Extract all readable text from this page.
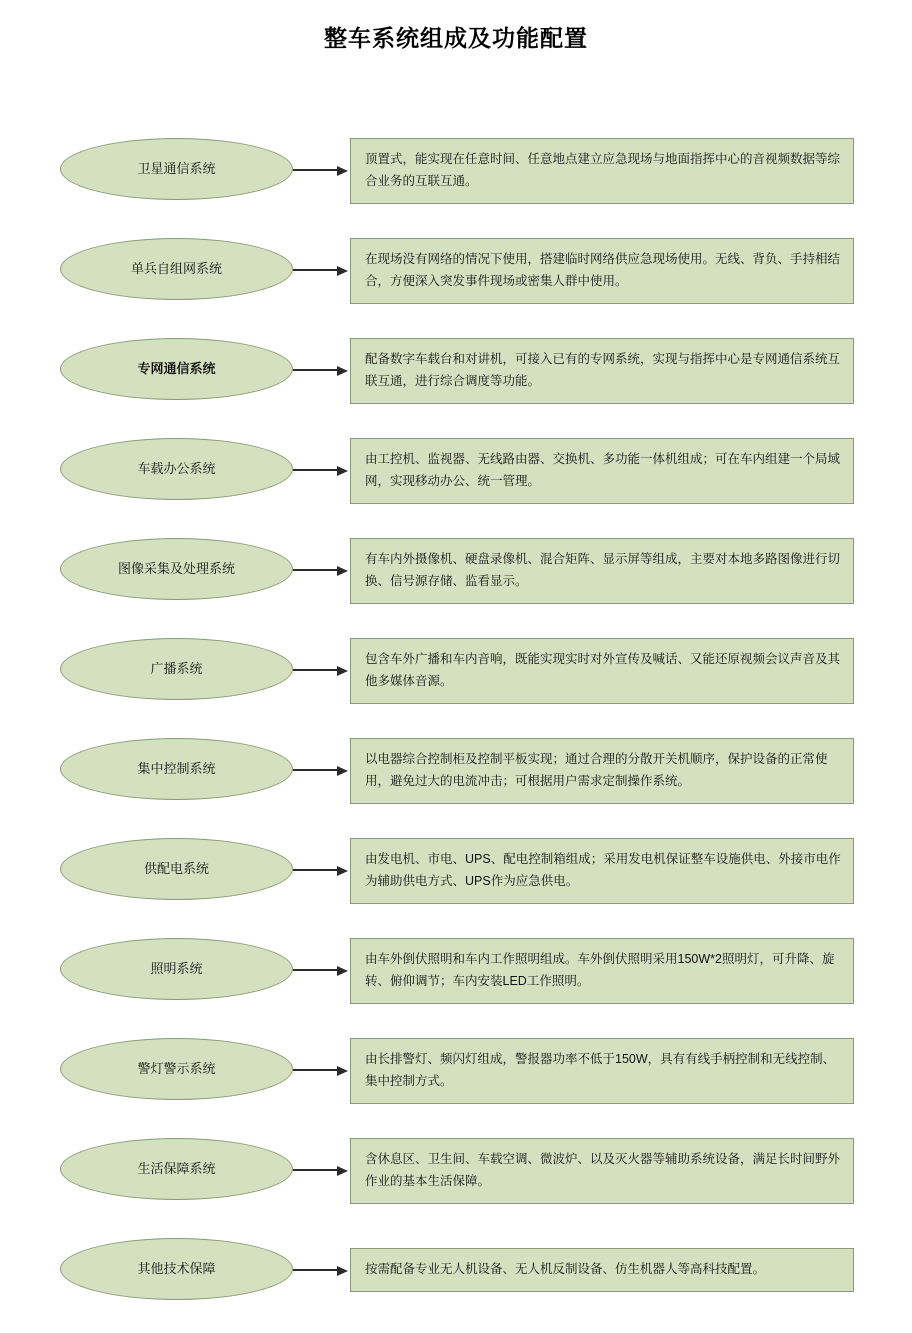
整车系统组成及功能配置
卫星通信系统
顶置式，能实现在任意时间、任意地点建立应急现场与地面指挥中心的音视频数据等综合业务的互联互通。
单兵自组网系统
在现场没有网络的情况下使用，搭建临时网络供应急现场使用。无线、背负、手持相结合，方便深入突发事件现场或密集人群中使用。
专网通信系统
配备数字车载台和对讲机，可接入已有的专网系统，实现与指挥中心是专网通信系统互联互通，进行综合调度等功能。
车载办公系统
由工控机、监视器、无线路由器、交换机、多功能一体机组成；可在车内组建一个局域网，实现移动办公、统一管理。
图像采集及处理系统
有车内外摄像机、硬盘录像机、混合矩阵、显示屏等组成，主要对本地多路图像进行切换、信号源存储、监看显示。
广播系统
包含车外广播和车内音响，既能实现实时对外宣传及喊话、又能还原视频会议声音及其他多媒体音源。
集中控制系统
以电器综合控制柜及控制平板实现；通过合理的分散开关机顺序，保护设备的正常使用，避免过大的电流冲击；可根据用户需求定制操作系统。
供配电系统
由发电机、市电、UPS、配电控制箱组成；采用发电机保证整车设施供电、外接市电作为辅助供电方式、UPS作为应急供电。
照明系统
由车外倒伏照明和车内工作照明组成。车外倒伏照明采用150W*2照明灯，可升降、旋转、俯仰调节；车内安装LED工作照明。
警灯警示系统
由长排警灯、频闪灯组成，警报器功率不低于150W，具有有线手柄控制和无线控制、集中控制方式。
生活保障系统
含休息区、卫生间、车载空调、微波炉、以及灭火器等辅助系统设备，满足长时间野外作业的基本生活保障。
其他技术保障	按需配备专业无人机设备、无人机反制设备、仿生机器人等高科技配置。
